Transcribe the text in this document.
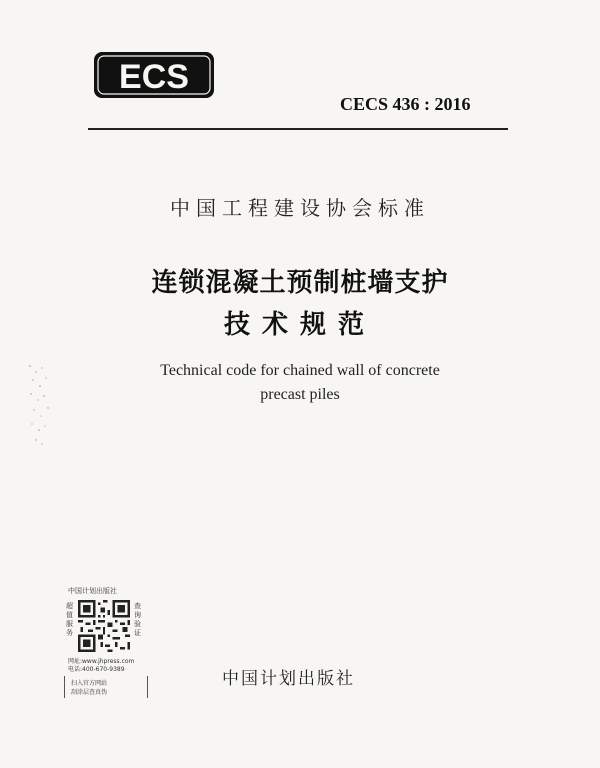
ECS
CECS 436 : 2016
中国工程建设协会标准
连锁混凝土预制桩墙支护
技术规范
Technical code for chained wall of concrete
precast piles
中国计划出版社
超值服务
查询验证
网址:www.jhpress.com
电话:400-670-9389
扫入官方网站
刮涂层查真伪
中国计划出版社
